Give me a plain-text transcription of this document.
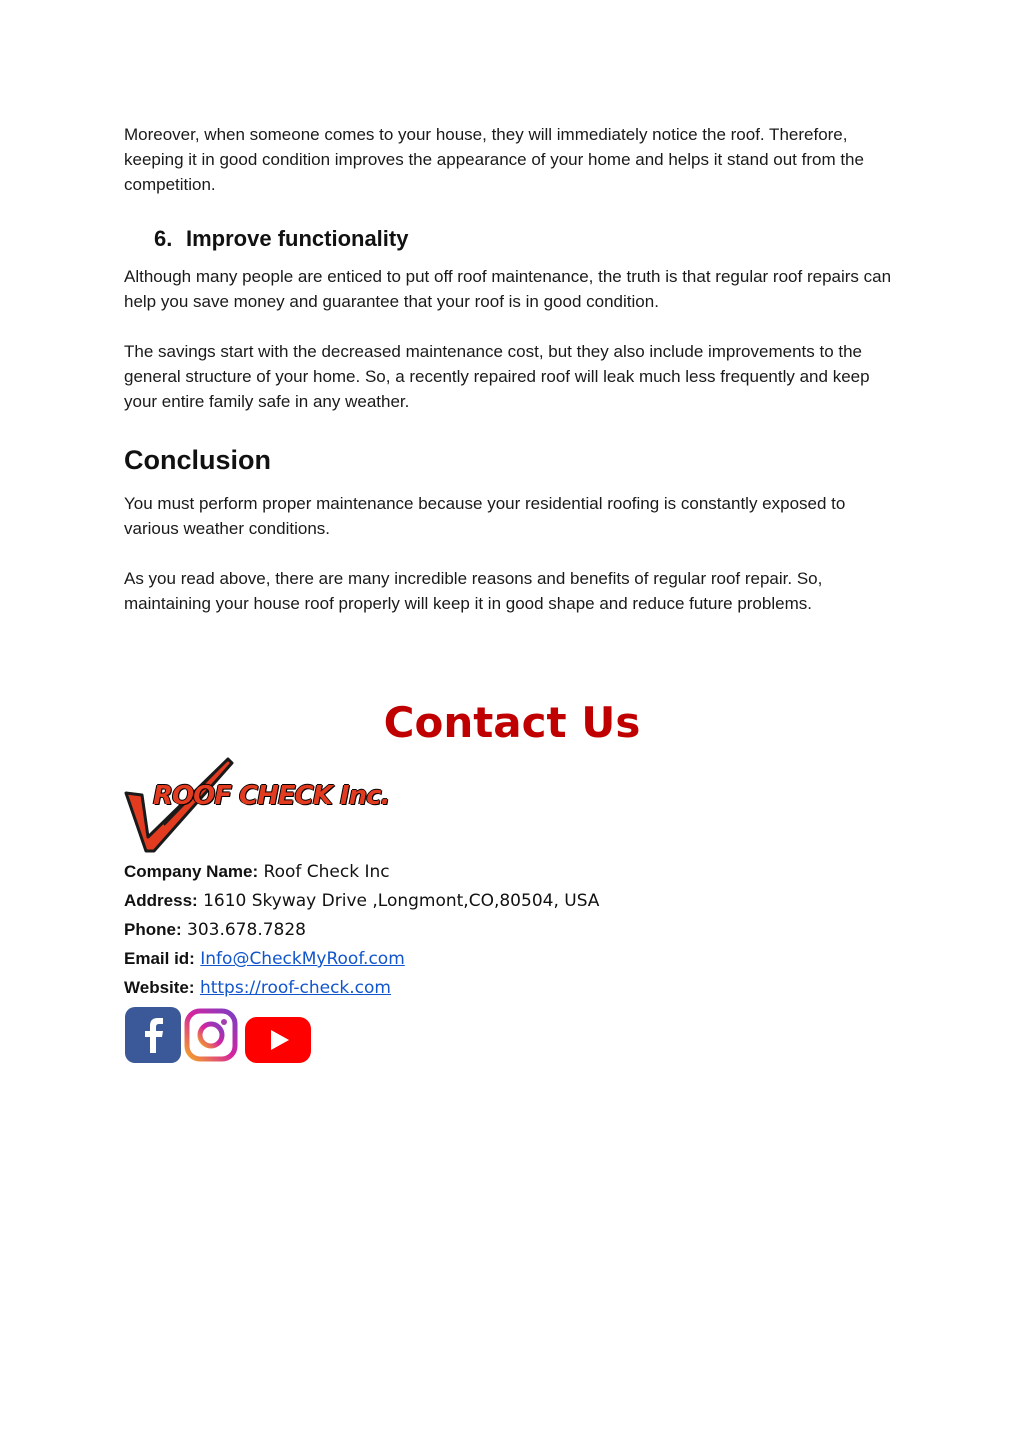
Moreover, when someone comes to your house, they will immediately notice the roof. Therefore, keeping it in good condition improves the appearance of your home and helps it stand out from the competition.

6. Improve functionality

Although many people are enticed to put off roof maintenance, the truth is that regular roof repairs can help you save money and guarantee that your roof is in good condition.

The savings start with the decreased maintenance cost, but they also include improvements to the general structure of your home. So, a recently repaired roof will leak much less frequently and keep your entire family safe in any weather.

Conclusion

You must perform proper maintenance because your residential roofing is constantly exposed to various weather conditions.

As you read above, there are many incredible reasons and benefits of regular roof repair. So, maintaining your house roof properly will keep it in good shape and reduce future problems.

Contact Us
ROOF CHECK Inc.
Company Name: Roof Check Inc
Address: 1610 Skyway Drive ,Longmont,CO,80504, USA
Phone: 303.678.7828
Email id: Info@CheckMyRoof.com
Website: https://roof-check.com
